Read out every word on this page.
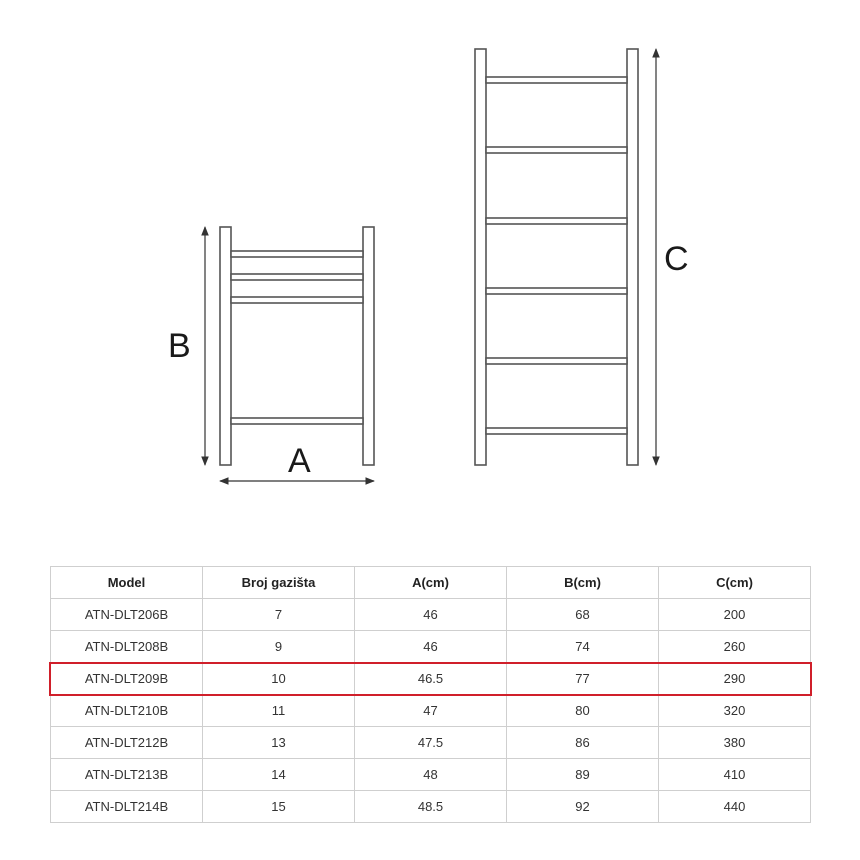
B
A
C
Model	Broj gazišta	A(cm)	B(cm)	C(cm)
ATN-DLT206B	7	46	68	200
ATN-DLT208B	9	46	74	260
ATN-DLT209B	10	46.5	77	290
ATN-DLT210B	11	47	80	320
ATN-DLT212B	13	47.5	86	380
ATN-DLT213B	14	48	89	410
ATN-DLT214B	15	48.5	92	440
